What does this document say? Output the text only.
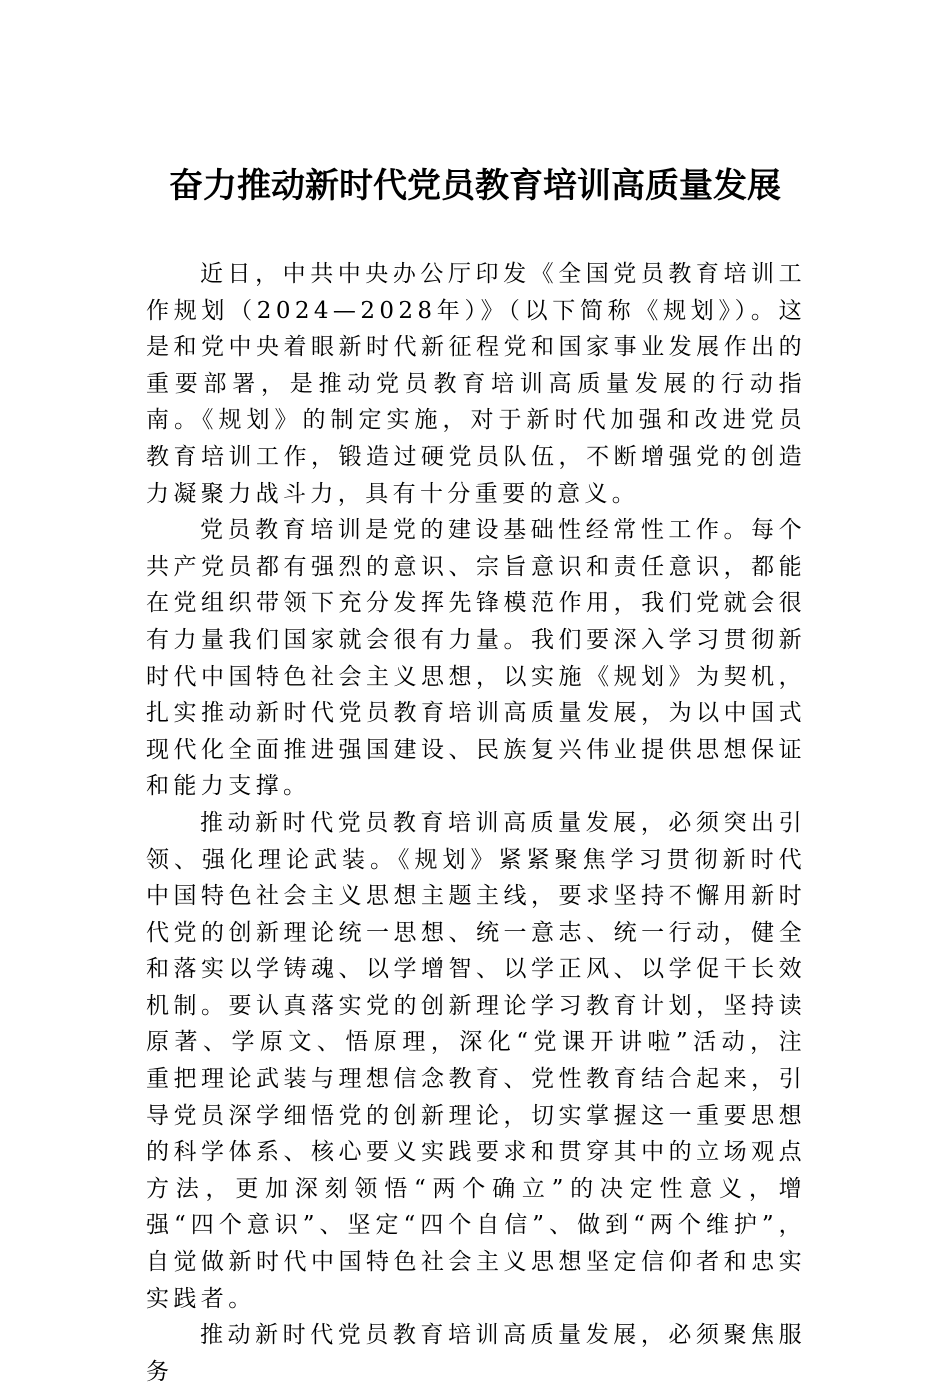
奋力推动新时代党员教育培训高质量发展

近日，中共中央办公厅印发《全国党员教育培训工作规划（2024—2028年）》（以下简称《规划》）。这是和党中央着眼新时代新征程党和国家事业发展作出的重要部署，是推动党员教育培训高质量发展的行动指南。《规划》的制定实施，对于新时代加强和改进党员教育培训工作，锻造过硬党员队伍，不断增强党的创造力凝聚力战斗力，具有十分重要的意义。

党员教育培训是党的建设基础性经常性工作。每个共产党员都有强烈的意识、宗旨意识和责任意识，都能在党组织带领下充分发挥先锋模范作用，我们党就会很有力量我们国家就会很有力量。我们要深入学习贯彻新时代中国特色社会主义思想，以实施《规划》为契机，扎实推动新时代党员教育培训高质量发展，为以中国式现代化全面推进强国建设、民族复兴伟业提供思想保证和能力支撑。

推动新时代党员教育培训高质量发展，必须突出引领、强化理论武装。《规划》紧紧聚焦学习贯彻新时代中国特色社会主义思想主题主线，要求坚持不懈用新时代党的创新理论统一思想、统一意志、统一行动，健全和落实以学铸魂、以学增智、以学正风、以学促干长效机制。要认真落实党的创新理论学习教育计划，坚持读原著、学原文、悟原理，深化“党课开讲啦”活动，注重把理论武装与理想信念教育、党性教育结合起来，引导党员深学细悟党的创新理论，切实掌握这一重要思想的科学体系、核心要义实践要求和贯穿其中的立场观点方法，更加深刻领悟“两个确立”的决定性意义，增强“四个意识”、坚定“四个自信”、做到“两个维护”，自觉做新时代中国特色社会主义思想坚定信仰者和忠实实践者。

推动新时代党员教育培训高质量发展，必须聚焦服务
